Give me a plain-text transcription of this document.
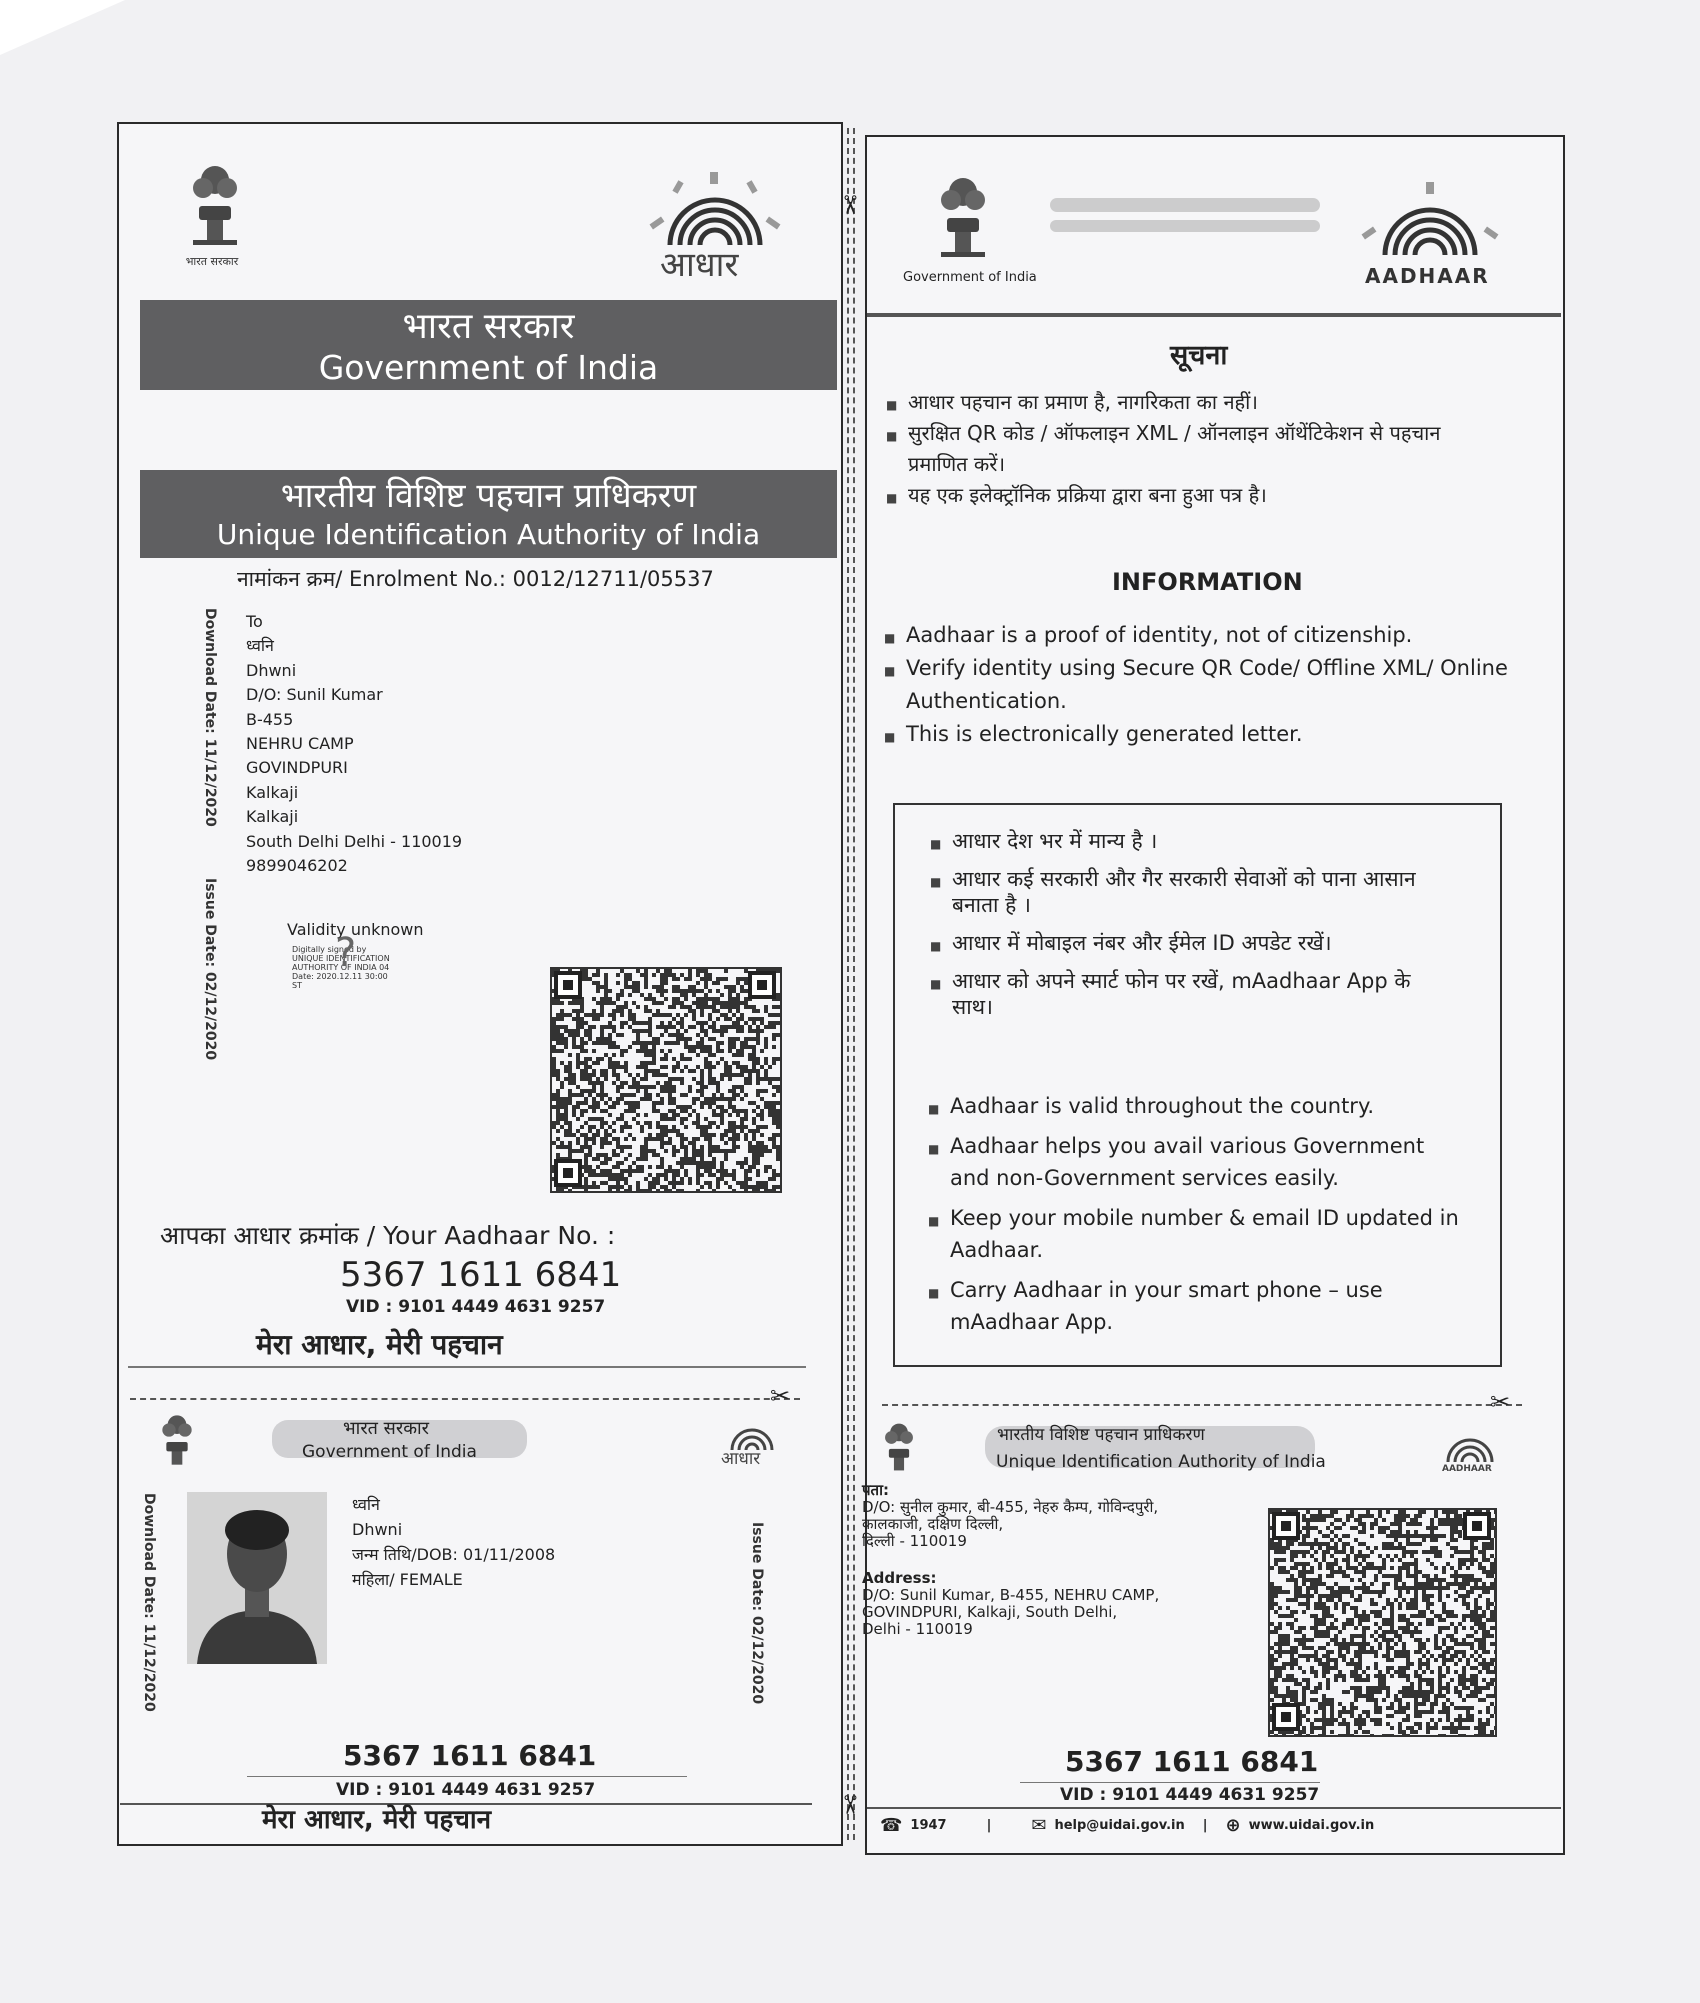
भारत सरकार	आधार
भारत सरकार
Government of India
भारतीय विशिष्ट पहचान प्राधिकरण
Unique Identification Authority of India
नामांकन क्रम/ Enrolment No.: 0012/12711/05537
Download Date: 11/12/2020
Issue Date: 02/12/2020
To
ध्वनि
Dhwni
D/O: Sunil Kumar
B-455
NEHRU CAMP
GOVINDPURI
Kalkaji
Kalkaji
South Delhi Delhi - 110019
9899046202
Validity unknown
Digitally signed by
UNIQUE IDENTIFICATION
AUTHORITY OF INDIA 04
Date: 2020.12.11 30:00
ST
?
आपका आधार क्रमांक / Your Aadhaar No. :
5367 1611 6841
VID : 9101 4449 4631 9257
मेरा आधार, मेरी पहचान
✂
✂
Government of India	AADHAAR
सूचना
■ आधार पहचान का प्रमाण है, नागरिकता का नहीं।
■ सुरक्षित QR कोड / ऑफलाइन XML / ऑनलाइन ऑथेंटिकेशन से पहचान प्रमाणित करें।
■ यह एक इलेक्ट्रॉनिक प्रक्रिया द्वारा बना हुआ पत्र है।
INFORMATION
■ Aadhaar is a proof of identity, not of citizenship.
■ Verify identity using Secure QR Code/ Offline XML/ Online Authentication.
■ This is electronically generated letter.
■ आधार देश भर में मान्य है ।
■ आधार कई सरकारी और गैर सरकारी सेवाओं को पाना आसान बनाता है ।
■ आधार में मोबाइल नंबर और ईमेल ID अपडेट रखें।
■ आधार को अपने स्मार्ट फोन पर रखें, mAadhaar App के साथ।
■ Aadhaar is valid throughout the country.
■ Aadhaar helps you avail various Government and non-Government services easily.
■ Keep your mobile number & email ID updated in Aadhaar.
■ Carry Aadhaar in your smart phone – use mAadhaar App.
✂	✂
भारत सरकार
Government of India	आधार
Download Date: 11/12/2020	Issue Date: 02/12/2020
ध्वनि
Dhwni
जन्म तिथि/DOB: 01/11/2008
महिला/ FEMALE
5367 1611 6841
VID : 9101 4449 4631 9257
मेरा आधार, मेरी पहचान
भारतीय विशिष्ट पहचान प्राधिकरण
Unique Identification Authority of India	AADHAAR
पता:
D/O: सुनील कुमार, बी-455, नेहरु कैम्प, गोविन्दपुरी,
कालकाजी, दक्षिण दिल्ली,
दिल्ली - 110019
Address:
D/O: Sunil Kumar, B-455, NEHRU CAMP,
GOVINDPURI, Kalkaji, South Delhi,
Delhi - 110019
5367 1611 6841
VID : 9101 4449 4631 9257
☎ 1947	| ✉ help@uidai.gov.in | ⊕ www.uidai.gov.in
